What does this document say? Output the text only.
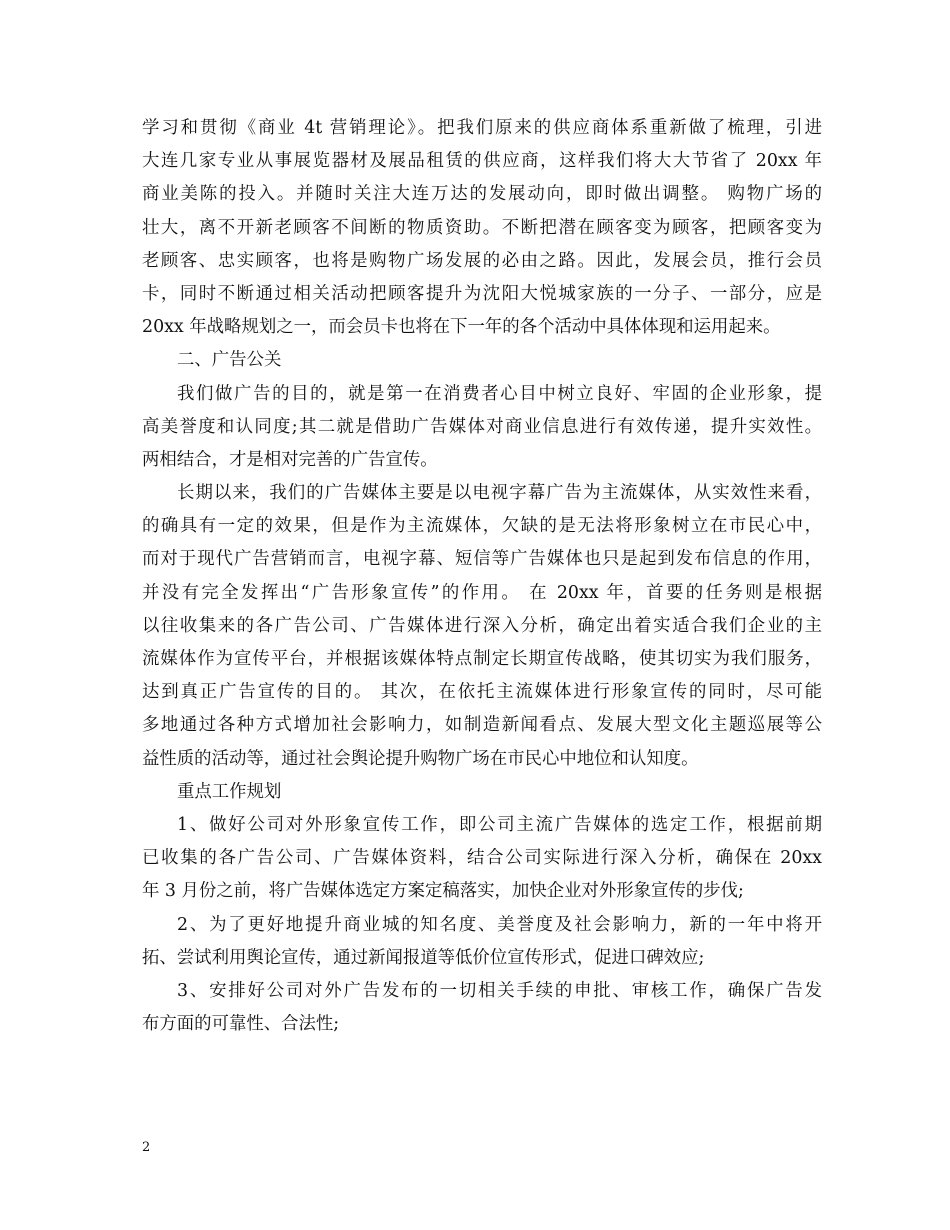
学习和贯彻《商业 4t 营销理论》。把我们原来的供应商体系重新做了梳理，引进
大连几家专业从事展览器材及展品租赁的供应商，这样我们将大大节省了 20xx 年
商业美陈的投入。并随时关注大连万达的发展动向，即时做出调整。 购物广场的
壮大，离不开新老顾客不间断的物质资助。不断把潜在顾客变为顾客，把顾客变为
老顾客、忠实顾客，也将是购物广场发展的必由之路。因此，发展会员，推行会员
卡，同时不断通过相关活动把顾客提升为沈阳大悦城家族的一分子、一部分，应是
20xx 年战略规划之一，而会员卡也将在下一年的各个活动中具体体现和运用起来。
二、广告公关
我们做广告的目的，就是第一在消费者心目中树立良好、牢固的企业形象，提
高美誉度和认同度;其二就是借助广告媒体对商业信息进行有效传递，提升实效性。
两相结合，才是相对完善的广告宣传。
长期以来，我们的广告媒体主要是以电视字幕广告为主流媒体，从实效性来看，
的确具有一定的效果，但是作为主流媒体，欠缺的是无法将形象树立在市民心中，
而对于现代广告营销而言，电视字幕、短信等广告媒体也只是起到发布信息的作用，
并没有完全发挥出“广告形象宣传”的作用。 在 20xx 年，首要的任务则是根据
以往收集来的各广告公司、广告媒体进行深入分析，确定出着实适合我们企业的主
流媒体作为宣传平台，并根据该媒体特点制定长期宣传战略，使其切实为我们服务，
达到真正广告宣传的目的。 其次，在依托主流媒体进行形象宣传的同时，尽可能
多地通过各种方式增加社会影响力，如制造新闻看点、发展大型文化主题巡展等公
益性质的活动等，通过社会舆论提升购物广场在市民心中地位和认知度。
重点工作规划
1、做好公司对外形象宣传工作，即公司主流广告媒体的选定工作，根据前期
已收集的各广告公司、广告媒体资料，结合公司实际进行深入分析，确保在 20xx
年 3 月份之前，将广告媒体选定方案定稿落实，加快企业对外形象宣传的步伐;
2、为了更好地提升商业城的知名度、美誉度及社会影响力，新的一年中将开
拓、尝试利用舆论宣传，通过新闻报道等低价位宣传形式，促进口碑效应;
3、安排好公司对外广告发布的一切相关手续的申批、审核工作，确保广告发
布方面的可靠性、合法性;
2
